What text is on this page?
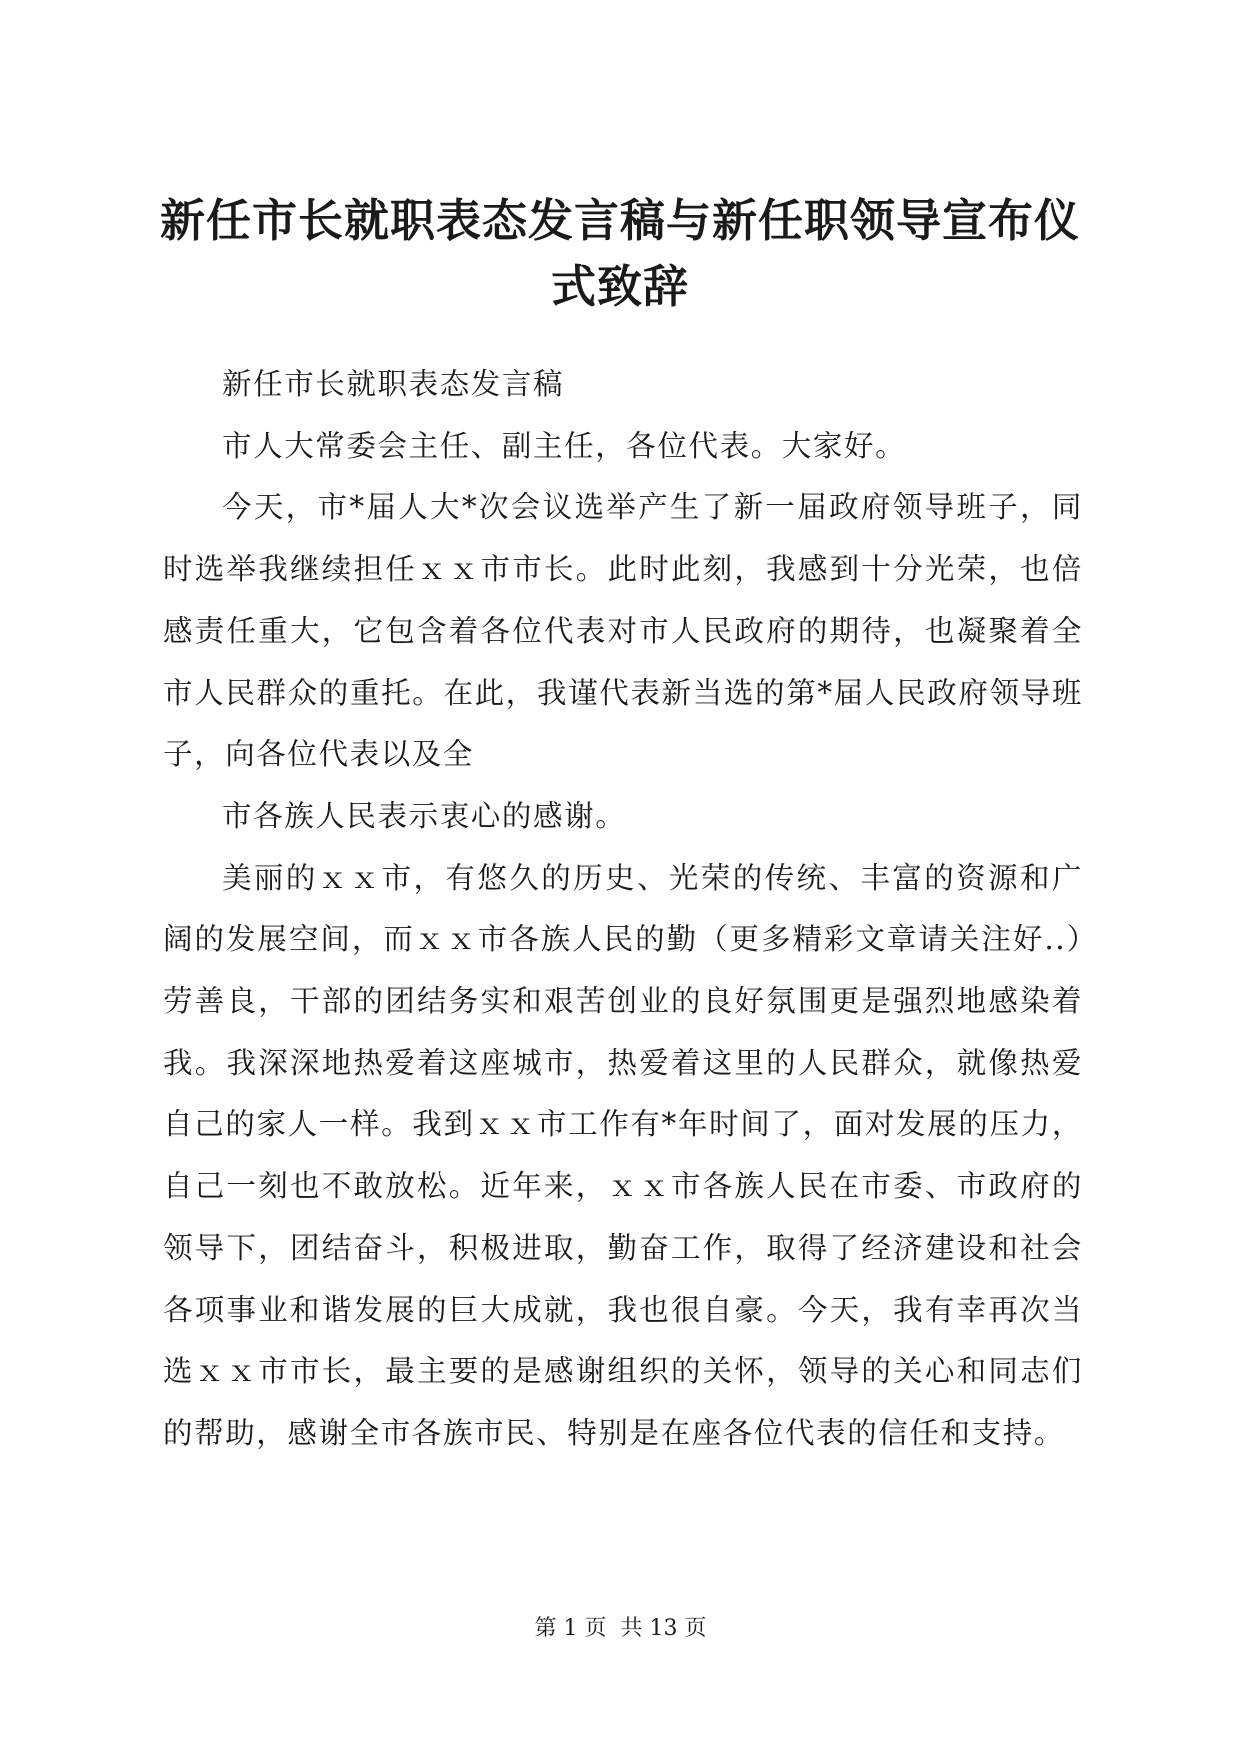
新任市长就职表态发言稿与新任职领导宣布仪式致辞

新任市长就职表态发言稿

市人大常委会主任、副主任，各位代表。大家好。

今天，市*届人大*次会议选举产生了新一届政府领导班子，同时选举我继续担任ｘｘ市市长。此时此刻，我感到十分光荣，也倍感责任重大，它包含着各位代表对市人民政府的期待，也凝聚着全市人民群众的重托。在此，我谨代表新当选的第*届人民政府领导班子，向各位代表以及全

市各族人民表示衷心的感谢。

美丽的ｘｘ市，有悠久的历史、光荣的传统、丰富的资源和广阔的发展空间，而ｘｘ市各族人民的勤（更多精彩文章请关注好..）劳善良，干部的团结务实和艰苦创业的良好氛围更是强烈地感染着我。我深深地热爱着这座城市，热爱着这里的人民群众，就像热爱自己的家人一样。我到ｘｘ市工作有*年时间了，面对发展的压力，自己一刻也不敢放松。近年来，ｘｘ市各族人民在市委、市政府的领导下，团结奋斗，积极进取，勤奋工作，取得了经济建设和社会各项事业和谐发展的巨大成就，我也很自豪。今天，我有幸再次当选ｘｘ市市长，最主要的是感谢组织的关怀，领导的关心和同志们的帮助，感谢全市各族市民、特别是在座各位代表的信任和支持。

第 1 页  共 13 页
